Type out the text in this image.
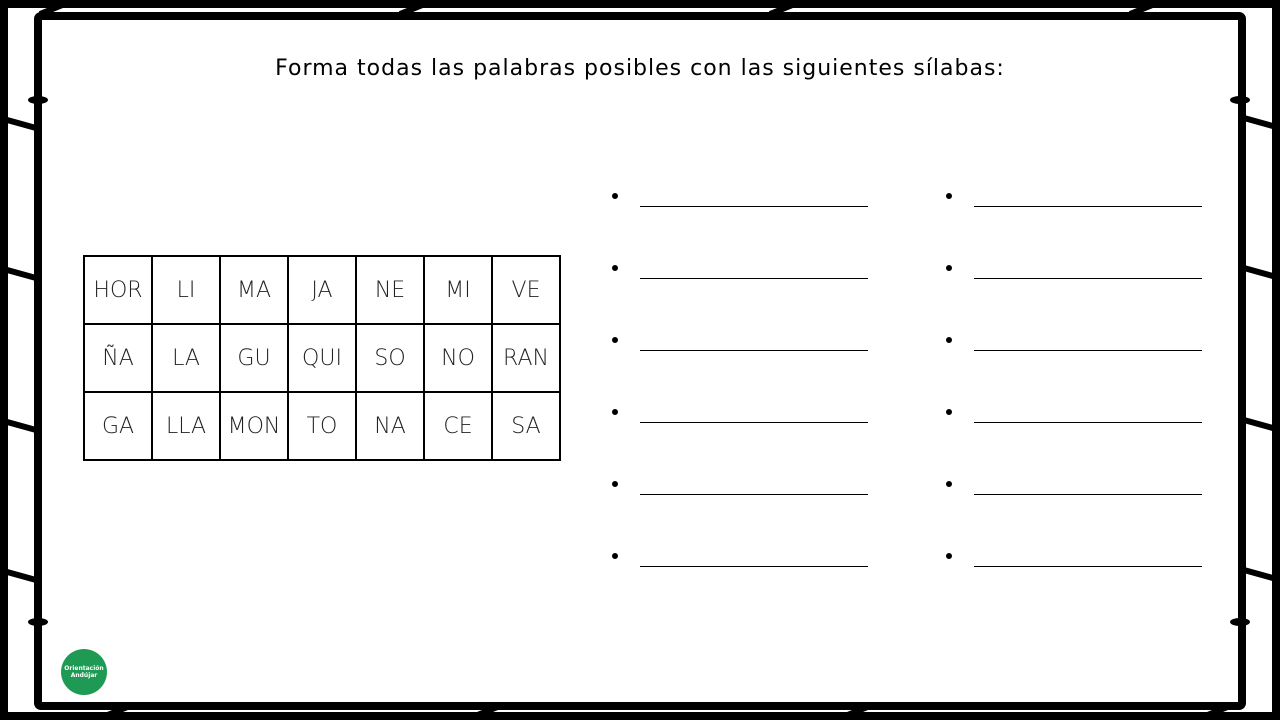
Forma todas las palabras posibles con las siguientes sílabas:
HOR	LI	MA	JA	NE	MI	VE
ÑA	LA	GU	QUI	SO	NO	RAN
GA	LLA	MON	TO	NA	CE	SA
Orientación Andújar
